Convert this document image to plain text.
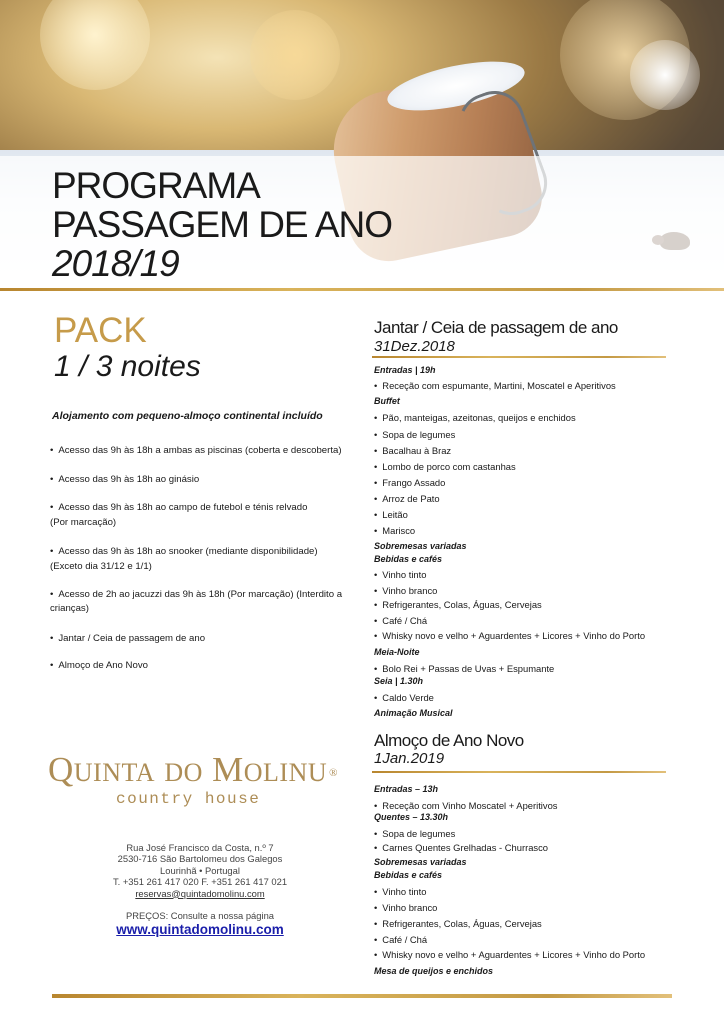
PROGRAMA
PASSAGEM DE ANO
2018/19
PACK
1 / 3 noites
Alojamento com pequeno-almoço continental incluído
• Acesso das 9h às 18h a ambas as piscinas (coberta e descoberta)
• Acesso das 9h às 18h ao ginásio
• Acesso das 9h às 18h ao campo de futebol e ténis relvado
(Por marcação)
• Acesso das 9h às 18h ao snooker (mediante disponibilidade)
(Exceto dia 31/12 e 1/1)
• Acesso de 2h ao jacuzzi das 9h às 18h (Por marcação) (Interdito a
crianças)
• Jantar / Ceia de passagem de ano
• Almoço de Ano Novo
QUINTA DO MOLINU ®
country house
Rua José Francisco da Costa, n.º 7
2530-716 São Bartolomeu dos Galegos
Lourinhã • Portugal
T. +351 261 417 020 F. +351 261 417 021
reservas@quintadomolinu.com
PREÇOS: Consulte a nossa página
www.quintadomolinu.com
Jantar / Ceia de passagem de ano
31Dez.2018
Entradas | 19h
• Receção com espumante, Martini, Moscatel e Aperitivos
Buffet
• Pão, manteigas, azeitonas, queijos e enchidos
• Sopa de legumes
• Bacalhau à Braz
• Lombo de porco com castanhas
• Frango Assado
• Arroz de Pato
• Leitão
• Marisco
Sobremesas variadas
Bebidas e cafés
• Vinho tinto
• Vinho branco
• Refrigerantes, Colas, Águas, Cervejas
• Café / Chá
• Whisky novo e velho + Aguardentes + Licores + Vinho do Porto
Meia-Noite
• Bolo Rei + Passas de Uvas + Espumante
Seia | 1.30h
• Caldo Verde
Animação Musical
Almoço de Ano Novo
1Jan.2019
Entradas – 13h
• Receção com Vinho Moscatel + Aperitivos
Quentes – 13.30h
• Sopa de legumes
• Carnes Quentes Grelhadas - Churrasco
Sobremesas variadas
Bebidas e cafés
• Vinho tinto
• Vinho branco
• Refrigerantes, Colas, Águas, Cervejas
• Café / Chá
• Whisky novo e velho + Aguardentes + Licores + Vinho do Porto
Mesa de queijos e enchidos
